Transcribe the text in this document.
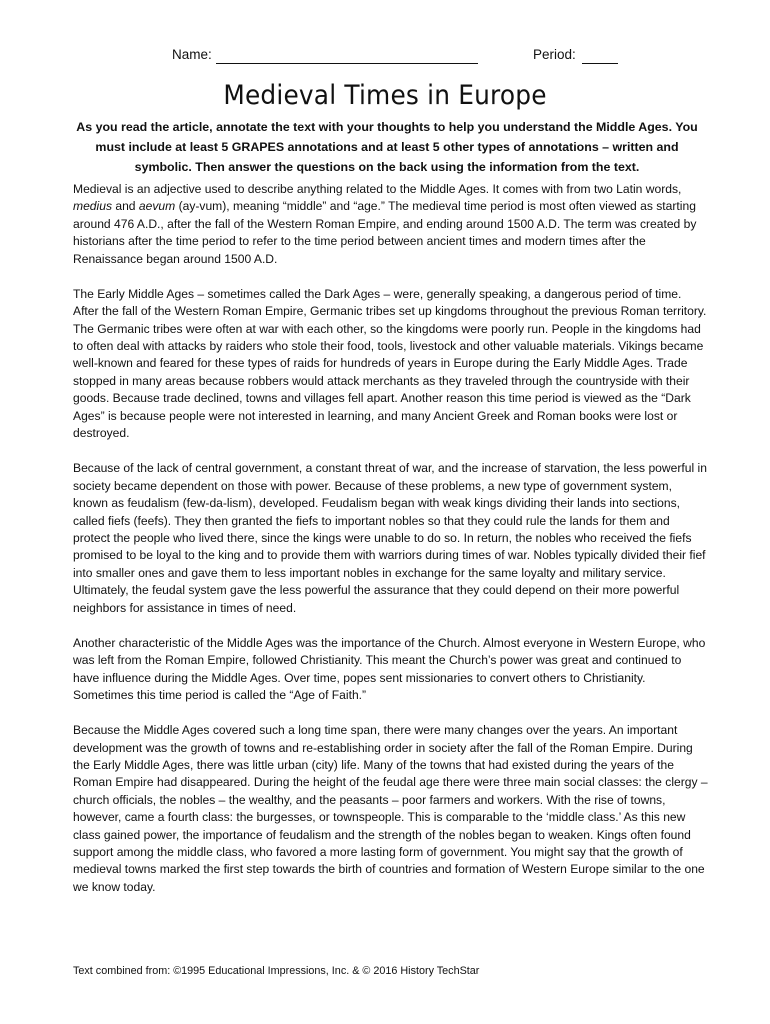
Name:	Period:
Medieval Times in Europe
As you read the article, annotate the text with your thoughts to help you understand the Middle Ages. You must include at least 5 GRAPES annotations and at least 5 other types of annotations – written and symbolic. Then answer the questions on the back using the information from the text.

Medieval is an adjective used to describe anything related to the Middle Ages. It comes with from two Latin words, medius and aevum (ay-vum), meaning “middle” and “age.” The medieval time period is most often viewed as starting around 476 A.D., after the fall of the Western Roman Empire, and ending around 1500 A.D. The term was created by historians after the time period to refer to the time period between ancient times and modern times after the Renaissance began around 1500 A.D.

The Early Middle Ages – sometimes called the Dark Ages – were, generally speaking, a dangerous period of time. After the fall of the Western Roman Empire, Germanic tribes set up kingdoms throughout the previous Roman territory. The Germanic tribes were often at war with each other, so the kingdoms were poorly run. People in the kingdoms had to often deal with attacks by raiders who stole their food, tools, livestock and other valuable materials. Vikings became well-known and feared for these types of raids for hundreds of years in Europe during the Early Middle Ages. Trade stopped in many areas because robbers would attack merchants as they traveled through the countryside with their goods. Because trade declined, towns and villages fell apart. Another reason this time period is viewed as the “Dark Ages” is because people were not interested in learning, and many Ancient Greek and Roman books were lost or destroyed.

Because of the lack of central government, a constant threat of war, and the increase of starvation, the less powerful in society became dependent on those with power. Because of these problems, a new type of government system, known as feudalism (few-da-lism), developed. Feudalism began with weak kings dividing their lands into sections, called fiefs (feefs). They then granted the fiefs to important nobles so that they could rule the lands for them and protect the people who lived there, since the kings were unable to do so. In return, the nobles who received the fiefs promised to be loyal to the king and to provide them with warriors during times of war. Nobles typically divided their fief into smaller ones and gave them to less important nobles in exchange for the same loyalty and military service. Ultimately, the feudal system gave the less powerful the assurance that they could depend on their more powerful neighbors for assistance in times of need.

Another characteristic of the Middle Ages was the importance of the Church. Almost everyone in Western Europe, who was left from the Roman Empire, followed Christianity. This meant the Church’s power was great and continued to have influence during the Middle Ages. Over time, popes sent missionaries to convert others to Christianity. Sometimes this time period is called the “Age of Faith.”

Because the Middle Ages covered such a long time span, there were many changes over the years. An important development was the growth of towns and re-establishing order in society after the fall of the Roman Empire. During the Early Middle Ages, there was little urban (city) life. Many of the towns that had existed during the years of the Roman Empire had disappeared. During the height of the feudal age there were three main social classes: the clergy – church officials, the nobles – the wealthy, and the peasants – poor farmers and workers. With the rise of towns, however, came a fourth class: the burgesses, or townspeople. This is comparable to the ‘middle class.’ As this new class gained power, the importance of feudalism and the strength of the nobles began to weaken. Kings often found support among the middle class, who favored a more lasting form of government. You might say that the growth of medieval towns marked the first step towards the birth of countries and formation of Western Europe similar to the one we know today.

Text combined from: ©1995 Educational Impressions, Inc. & © 2016 History TechStar
